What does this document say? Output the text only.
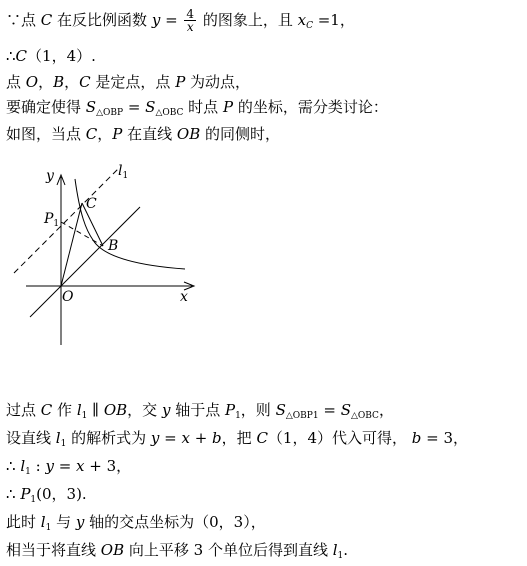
∵点 C 在反比例函数 $y = \frac{4}{x}$ 的图象上，且 $x_C =1$，
∴C（1，4）.
点 O，B，C 是定点，点 P 为动点，
要确定使得 $S_{\triangle OBP} = S_{\triangle OBC}$ 时点 P 的坐标，需分类讨论：
如图，当点 C，P 在直线 OB 的同侧时，
y
x
O
B
C
$P_1$
$l_1$
过点 C 作 $l_1$ ∥ OB，交 y 轴于点 $P_1$，则 $S_{\triangle OBP1} = S_{\triangle OBC}$，
设直线 $l_1$ 的解析式为 y = x + b，把 C（1，4）代入可得， b = 3，
∴ $l_1$ : y = x + 3，
∴ $P_1(0$，3).
此时 $l_1$ 与 y 轴的交点坐标为（0，3），
相当于将直线 OB 向上平移 3 个单位后得到直线 $l_1$.
